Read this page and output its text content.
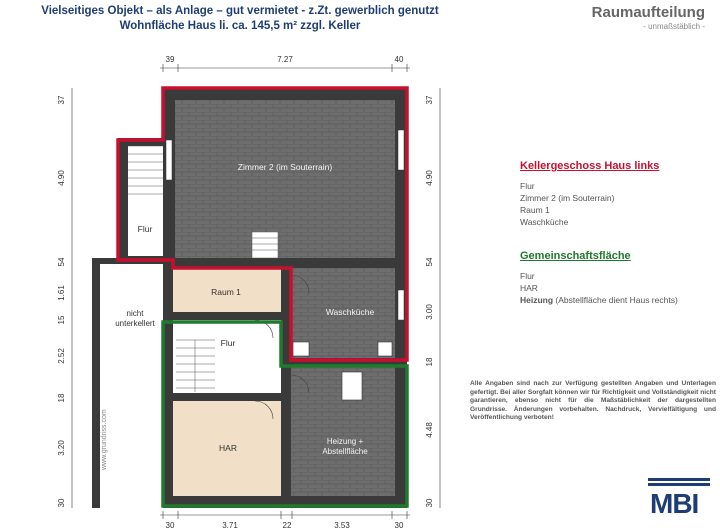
Vielseitiges Objekt – als Anlage – gut vermietet - z.Zt. gewerblich genutzt
Wohnfläche Haus li. ca. 145,5 m² zzgl. Keller
Raumaufteilung
- unmaßstäblich -
Zimmer 2 (im Souterrain)
Flur
Raum 1
Waschküche
nicht
unterkellert
Flur
HAR
Heizung +
Abstellfläche
www.grundriss.com
39	7.27	40
30	3.71	22	3.53	30
37
4.90
54
1.61
15
2.52
18
3.20
30
37
4.90
54
3.00
18
4.48
30
Kellergeschoss Haus links
Flur
Zimmer 2 (im Souterrain)
Raum 1
Waschküche
Gemeinschaftsfläche
Flur
HAR
Heizung (Abstellfläche dient Haus rechts)
Alle Angaben sind nach zur Verfügung gestellten Angaben und Unterlagen gefertigt. Bei aller Sorgfalt können wir für Richtigkeit und Vollständigkeit nicht garantieren, ebenso nicht für die Maßstäblichkeit der dargestellten Grundrisse. Änderungen vorbehalten. Nachdruck, Vervielfältigung und Veröffentlichung verboten!
MBI
